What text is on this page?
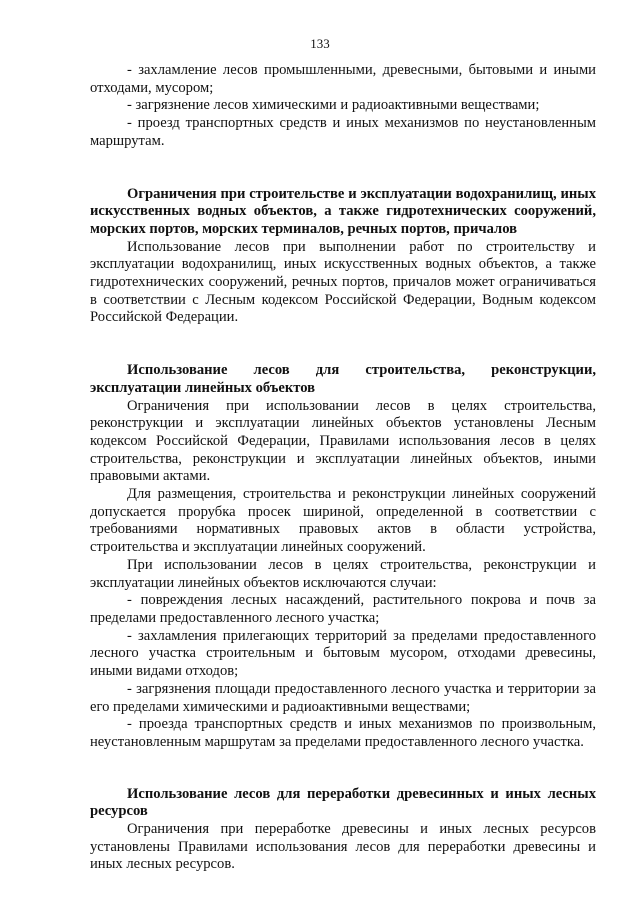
133

- захламление лесов промышленными, древесными, бытовыми и иными отходами, мусором;

- загрязнение лесов химическими и радиоактивными веществами;

- проезд транспортных средств и иных механизмов по неустановленным маршрутам.

Ограничения при строительстве и эксплуатации водохранилищ, иных искусственных водных объектов, а также гидротехнических сооружений, морских портов, морских терминалов, речных портов, причалов

Использование лесов при выполнении работ по строительству и эксплуатации водохранилищ, иных искусственных водных объектов, а также гидротехнических сооружений, речных портов, причалов может ограничиваться в соответствии с Лесным кодексом Российской Федерации, Водным кодексом Российской Федерации.

Использование лесов для строительства, реконструкции, эксплуатации линейных объектов

Ограничения при использовании лесов в целях строительства, реконструкции и эксплуатации линейных объектов установлены Лесным кодексом Российской Федерации, Правилами использования лесов в целях строительства, реконструкции и эксплуатации линейных объектов, иными правовыми актами.

Для размещения, строительства и реконструкции линейных сооружений допускается прорубка просек шириной, определенной в соответствии с требованиями нормативных правовых актов в области устройства, строительства и эксплуатации линейных сооружений.

При использовании лесов в целях строительства, реконструкции и эксплуатации линейных объектов исключаются случаи:

- повреждения лесных насаждений, растительного покрова и почв за пределами предоставленного лесного участка;

- захламления прилегающих территорий за пределами предоставленного лесного участка строительным и бытовым мусором, отходами древесины, иными видами отходов;

- загрязнения площади предоставленного лесного участка и территории за его пределами химическими и радиоактивными веществами;

- проезда транспортных средств и иных механизмов по произвольным, неустановленным маршрутам за пределами предоставленного лесного участка.

Использование лесов для переработки древесинных и иных лесных ресурсов

Ограничения при переработке древесины и иных лесных ресурсов установлены Правилами использования лесов для переработки древесины и иных лесных ресурсов.
